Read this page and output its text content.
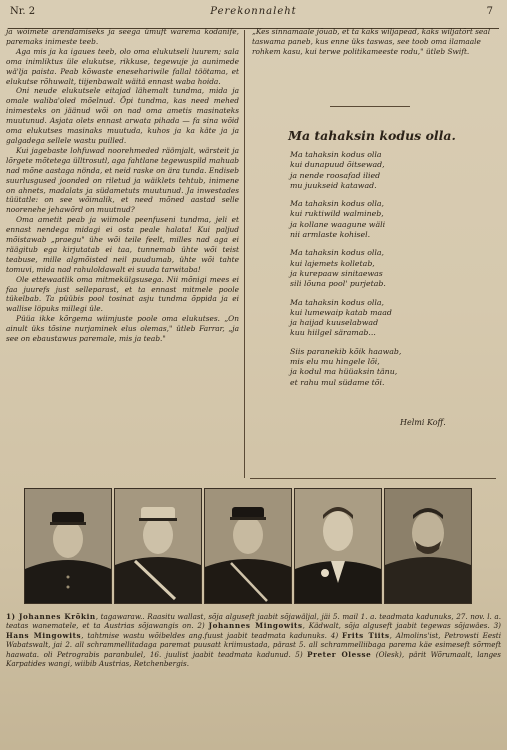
Nr. 2	Perekonnaleht	7

ja wõimete arendamiseks ja seega ümuft warema kodanife, paremaks inimeste teeb.

Aga mis ja ka igaues teeb, olo oma elukutseli luurem; sala oma inimliktus üle elukutse, rikkuse, tegewuje ja aunimede wä'lja paista. Peab kõwaste enesehariwile fallal töötama, et elukutse rõhuwalt, tiijenbawalt wäitä ennast waba hoida.

Oni neude elukutsele eitajad lähemalt tundma, mida ja omale waliba'oled mõelnud. Õpi tundma, kas need mehed inimesteks on jäänud wõi on nad oma ametis masinateks muutunud. Asjata olets ennast arwata pihada — fa sina wõid oma elukutses masinaks muutuda, kuhos ja ka käte ja ja galgadega sellele wastu puilled.

Kui jagebaste lohfuwad noorehmeded räömjalt, wärsteit ja lõrgete mõtetega ülltrosutl, aga fahtlane tegewuspild mahuab nad mõne aastaga nönda, et neid raske on ära tunda. Endiseb suurlusgused joonded on riletud ja wäiklets tehtub, inimene on ahnets, madalats ja südametuts muutunud. Ja inwestades tüütatle: on see wõimalik, et need mõned aastad selle noorenehe jehawõrd on muutnud?

Oma ametit peab ja wiimole peenfuseni tundma, jeli et ennast nendega midagi ei osta peale halata! Kui paljud mõistawab „praegu" ühe wõi teile feelt, milles nad aga ei räägitub ega kirjutatab ei taa, tunnemab ühte wõi teist teabuse, mille algmõisted neil puudumab, ühte wõi tahte tomuvi, mida nad rahuloldawalt ei suuda tarwitaba!

Ole ettewaatlik oma mitmekülgsusega. Nii mõnigi mees ei faa juurefs just selleparast, et ta ennast mitmele poole tükelbab. Ta püübis pool tosinat asju tundma õppida ja ei wallise löpuks millegi üle.

Püüa ikke kõrgema wiimjuste poole oma elukutses. „On ainult üks tõsine nurjaminek elus olemas," ütleb Farrar, „ja see on ebaustawus paremale, mis ja teab."

„Kes sinnamaale jõuab, et ta kaks wiljapead, kaks wiljatõrt seal taswama paneb, kus enne üks taswas, see toob oma ilamaale rohkem kasu, kui terwe politikameeste rodu," ütleb Swift.

Ma tahaksin kodus olla.
Ma tahaksin kodus olla
kui dunapuud õitsewad,
ja nende roosafad ilied
mu juukseid katawad.
Ma tahaksin kodus olla,
kui ruktiwild walmineb,
ja kollane waagune wäli
nii armlaste kohisel.
Ma tahaksin kodus olla,
kui lajemets kolletab,
ja kurepaaw sinitaewas
sili lõuna pool' purjetab.
Ma tahaksin kodus olla,
kui lumewaip katab maad
ja haijad kuuselabwad
kuu hiilgel säramab...
Siis paranekib kõik haawab,
mis elu mu hingele lõi,
ja kodul ma hüüaksin tänu,
et rahu mul südame tõi.
Helmi Koff.
1) Johannes Krõkin, tagawaraw.. Raasitu wallast, sõja alguseft jaabit sõjawäljal, jäi 5. mail 1. a. teadmata kadunuks, 27. nov. l. a. teatas wanematele, et ta Austrias sõjawangis on. 2) Johannes Mingowits, Kädwalt, sõja alguseft jaabit tegewas sõjawäes. 3) Hans Mingowits, tahtmise wastu wõibeldes ang.fuust jaabit teadmata kadunuks. 4) Frits Tiits, Almolins'ist, Petrowsti Eesti Wabatswalt, jai 2. all schrammellitadaga paremat puusatt kriimustada, pärast 5. all schrammelliibaga parema käe esimeseft sõrmeft haawata. oli Petrograbis paranbulel, 16. juulist jaabit teadmata kadunud. 5) Preter Olesse (Olesk), pärit Wõrumaalt, langes Karpatides wangi, wiibib Austrias, Retchenbergis.
